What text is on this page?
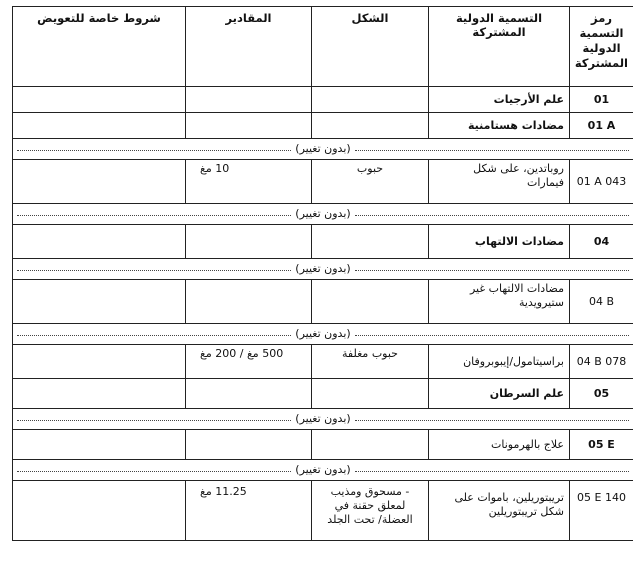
رمز التسمية الدولية المشتركة	التسمية الدولية المشتركة	الشكل	المقادير	شروط خاصة للتعويض
01	علم الأرجيات			
01 A	مضادات هستامنية			

(بدون تغيير)				

01 A 043	روباتدين، على شكل فيمارات	حبوب	10 مغ	

(بدون تغيير)				

04	مضادات الالتهاب			

(بدون تغيير)				

04 B	مضادات الالتهاب غير ستيرويدية			

(بدون تغيير)				

04 B 078	براسيتامول/إيبوبروفان	حبوب مغلفة	500 مغ / 200 مغ	
05	علم السرطان			

(بدون تغيير)				

05 E	علاج بالهرمونات			

(بدون تغيير)				

05 E 140	تريبتوريلين، باموات على شكل تريبتوريلين	- مسحوق ومذيب لمعلق حقنة في العضلة/ تحت الجلد	11.25 مغ	
